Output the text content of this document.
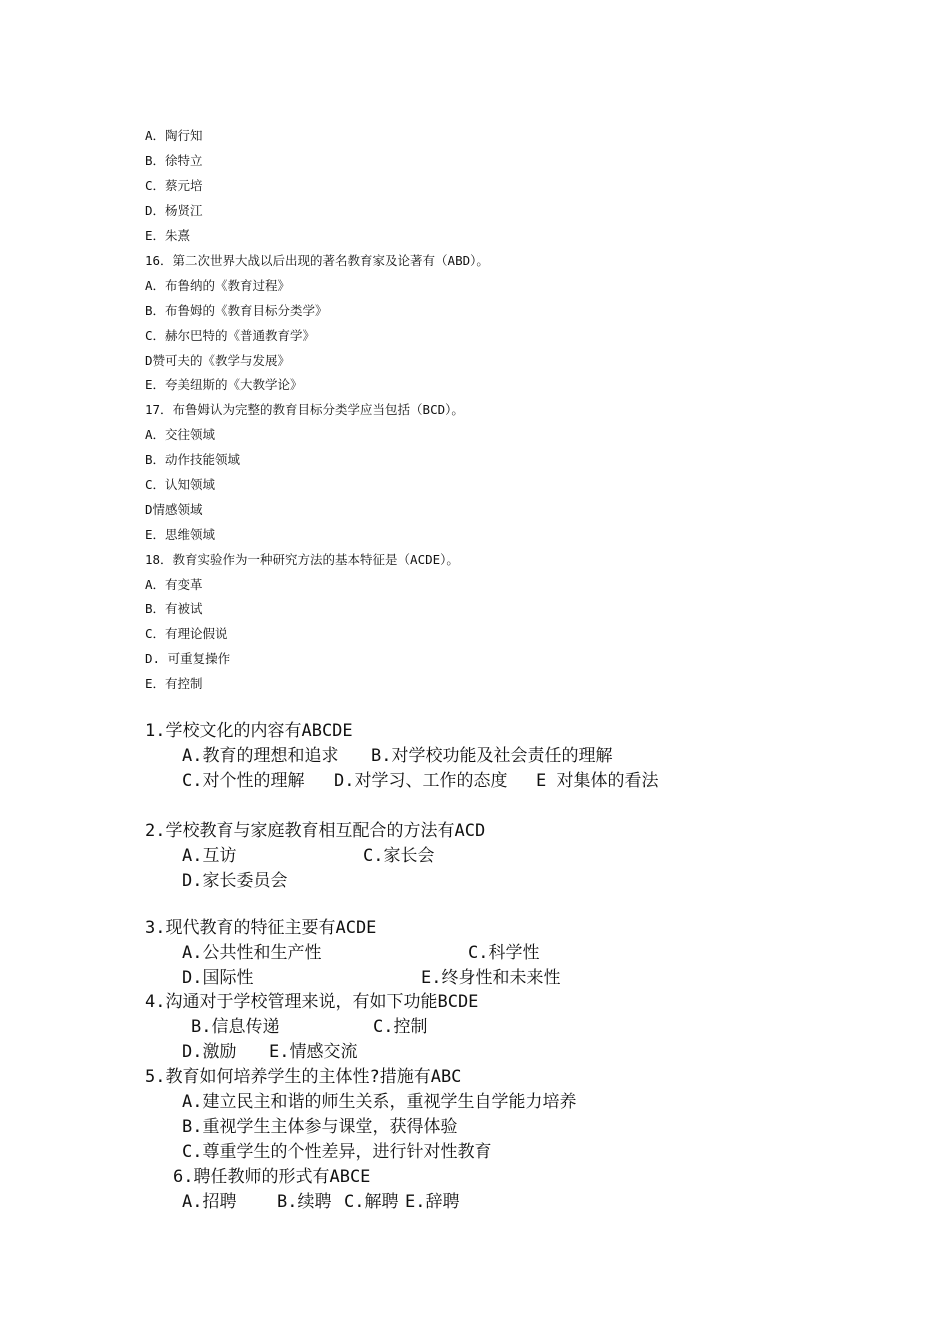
A．陶行知
B．徐特立
C．蔡元培
D．杨贤江
E．朱熹
16．第二次世界大战以后出现的著名教育家及论著有（ABD）。
A．布鲁纳的《教育过程》
B．布鲁姆的《教育目标分类学》
C．赫尔巴特的《普通教育学》
D赞可夫的《教学与发展》
E．夸美纽斯的《大教学论》
17．布鲁姆认为完整的教育目标分类学应当包括（BCD）。
A．交往领域
B．动作技能领域
C．认知领域
D情感领域
E．思维领域
18．教育实验作为一种研究方法的基本特征是（ACDE）。
A．有变革
B．有被试
C．有理论假说
D. 可重复操作
E．有控制
1.学校文化的内容有ABCDE
A.教育的理想和追求 B.对学校功能及社会责任的理解
C.对个性的理解 D.对学习、工作的态度 E 对集体的看法
2.学校教育与家庭教育相互配合的方法有ACD
A.互访	C.家长会
D.家长委员会
3.现代教育的特征主要有ACDE
A.公共性和生产性	C.科学性
D.国际性	E.终身性和未来性
4.沟通对于学校管理来说，有如下功能BCDE
B.信息传递	C.控制
D.激励 E.情感交流
5.教育如何培养学生的主体性?措施有ABC
A.建立民主和谐的师生关系，重视学生自学能力培养
B.重视学生主体参与课堂，获得体验
C.尊重学生的个性差异，进行针对性教育
6.聘任教师的形式有ABCE
A.招聘 B.续聘 C.解聘 E.辞聘
